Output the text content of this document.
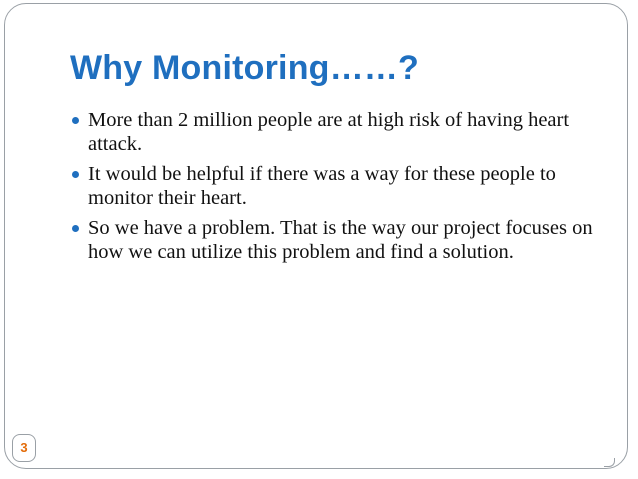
Why Monitoring……?
More than 2 million people are at high risk of having heart attack.
It would be helpful if there was a way for these people to monitor their heart.
So we have a problem. That is the way our project focuses on how we can utilize this problem and find a solution.
3
